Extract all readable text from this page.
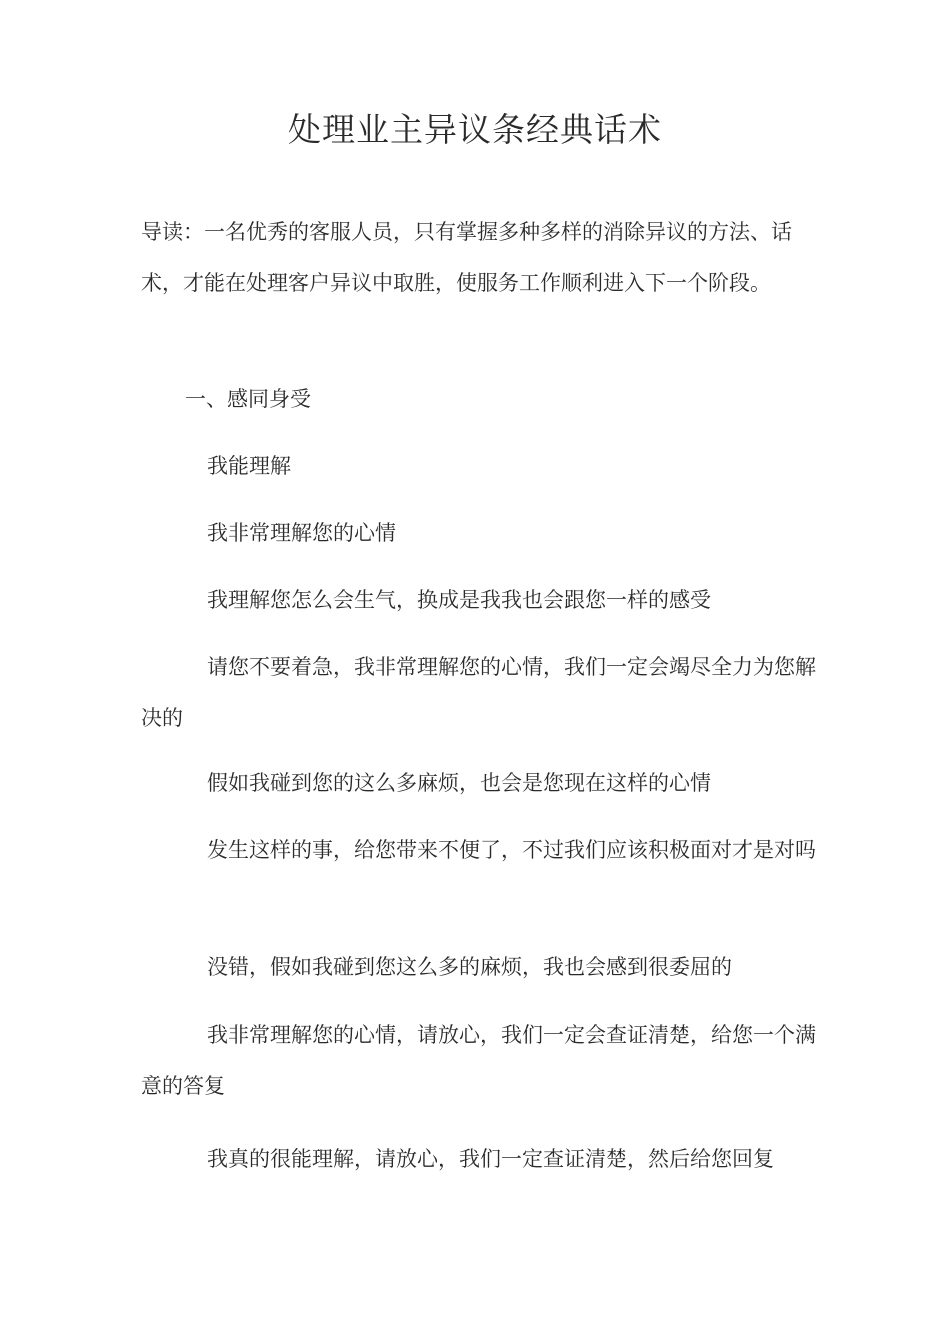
处理业主异议条经典话术

导读：一名优秀的客服人员，只有掌握多种多样的消除异议的方法、话术，才能在处理客户异议中取胜，使服务工作顺利进入下一个阶段。

一、感同身受

我能理解

我非常理解您的心情

我理解您怎么会生气，换成是我我也会跟您一样的感受

请您不要着急，我非常理解您的心情，我们一定会竭尽全力为您解决的

假如我碰到您的这么多麻烦，也会是您现在这样的心情

发生这样的事，给您带来不便了，不过我们应该积极面对才是对吗

没错，假如我碰到您这么多的麻烦，我也会感到很委屈的

我非常理解您的心情，请放心，我们一定会查证清楚，给您一个满意的答复

我真的很能理解，请放心，我们一定查证清楚，然后给您回复
